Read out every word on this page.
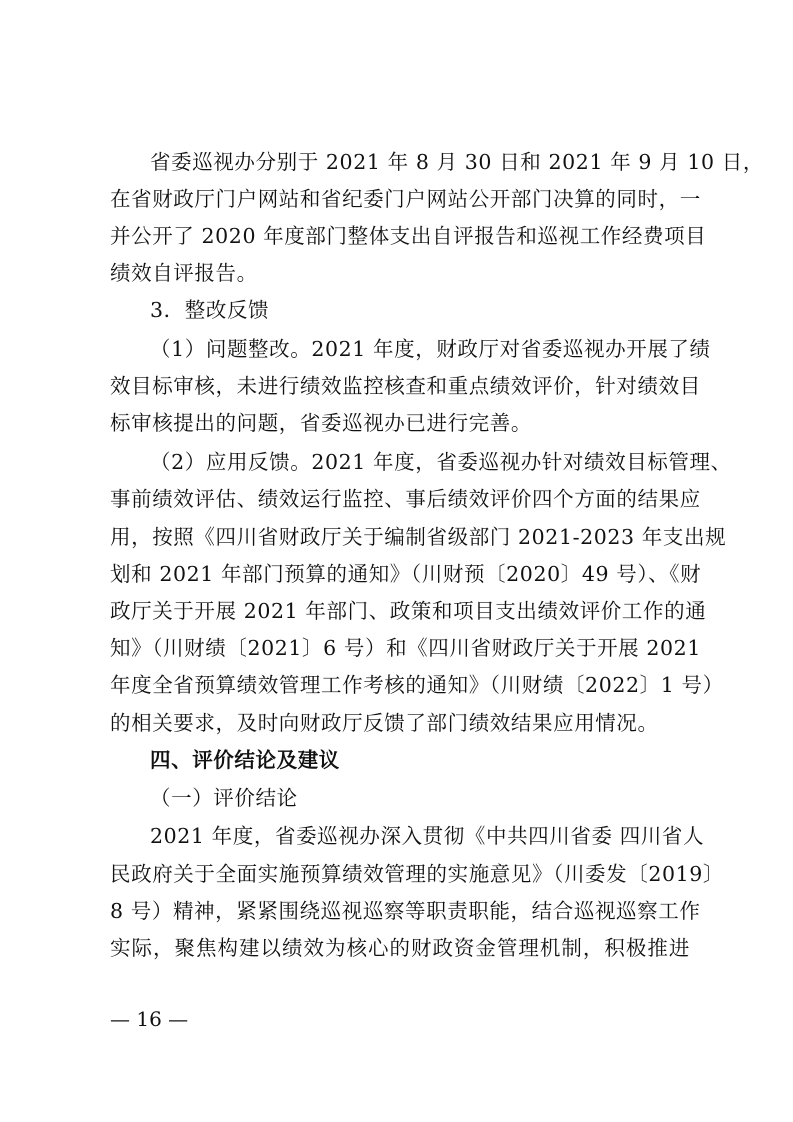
省委巡视办分别于 2021 年 8 月 30 日和 2021 年 9 月 10 日，
在省财政厅门户网站和省纪委门户网站公开部门决算的同时，一
并公开了 2020 年度部门整体支出自评报告和巡视工作经费项目
绩效自评报告。
3．整改反馈
（1）问题整改。2021 年度，财政厅对省委巡视办开展了绩
效目标审核，未进行绩效监控核查和重点绩效评价，针对绩效目
标审核提出的问题，省委巡视办已进行完善。
（2）应用反馈。2021 年度，省委巡视办针对绩效目标管理、
事前绩效评估、绩效运行监控、事后绩效评价四个方面的结果应
用，按照《四川省财政厅关于编制省级部门 2021-2023 年支出规
划和 2021 年部门预算的通知》（川财预〔2020〕49 号）、《财
政厅关于开展 2021 年部门、政策和项目支出绩效评价工作的通
知》（川财绩〔2021〕6 号）和《四川省财政厅关于开展 2021
年度全省预算绩效管理工作考核的通知》（川财绩〔2022〕1 号）
的相关要求，及时向财政厅反馈了部门绩效结果应用情况。
四、评价结论及建议
（一）评价结论
2021 年度，省委巡视办深入贯彻《中共四川省委 四川省人
民政府关于全面实施预算绩效管理的实施意见》（川委发〔2019〕
8 号）精神，紧紧围绕巡视巡察等职责职能，结合巡视巡察工作
实际，聚焦构建以绩效为核心的财政资金管理机制，积极推进
— 16 —
